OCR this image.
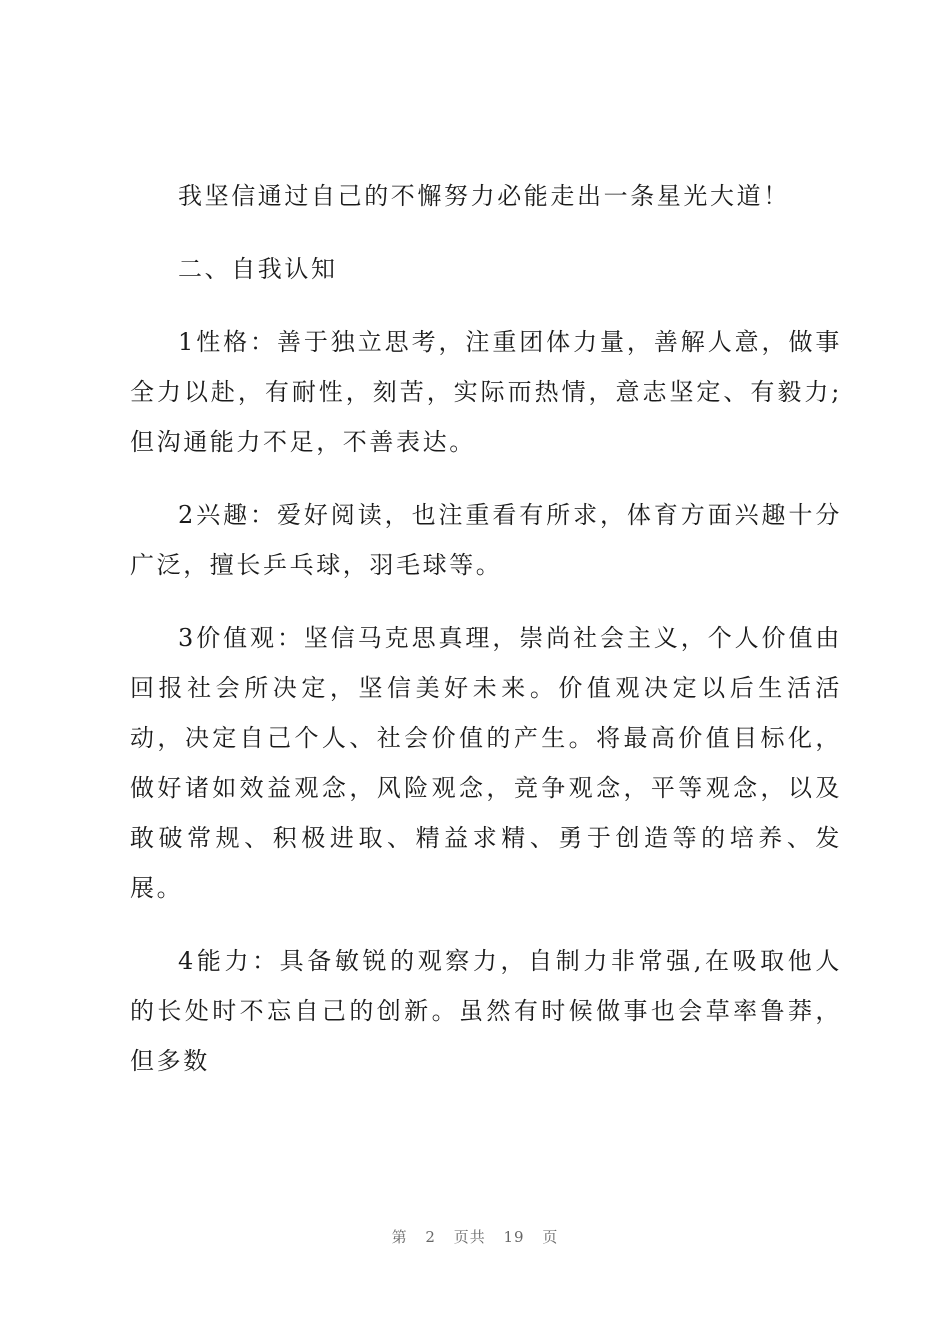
我坚信通过自己的不懈努力必能走出一条星光大道！

二、自我认知

1性格：善于独立思考，注重团体力量，善解人意，做事全力以赴，有耐性，刻苦，实际而热情，意志坚定、有毅力;但沟通能力不足，不善表达。

2兴趣：爱好阅读，也注重看有所求，体育方面兴趣十分广泛，擅长乒乓球，羽毛球等。

3价值观：坚信马克思真理，崇尚社会主义，个人价值由回报社会所决定，坚信美好未来。价值观决定以后生活活动，决定自己个人、社会价值的产生。将最高价值目标化，做好诸如效益观念，风险观念，竞争观念，平等观念，以及敢破常规、积极进取、精益求精、勇于创造等的培养、发展。

4能力：具备敏锐的观察力，自制力非常强,在吸取他人的长处时不忘自己的创新。虽然有时候做事也会草率鲁莽，但多数

第 2 页共 19 页
